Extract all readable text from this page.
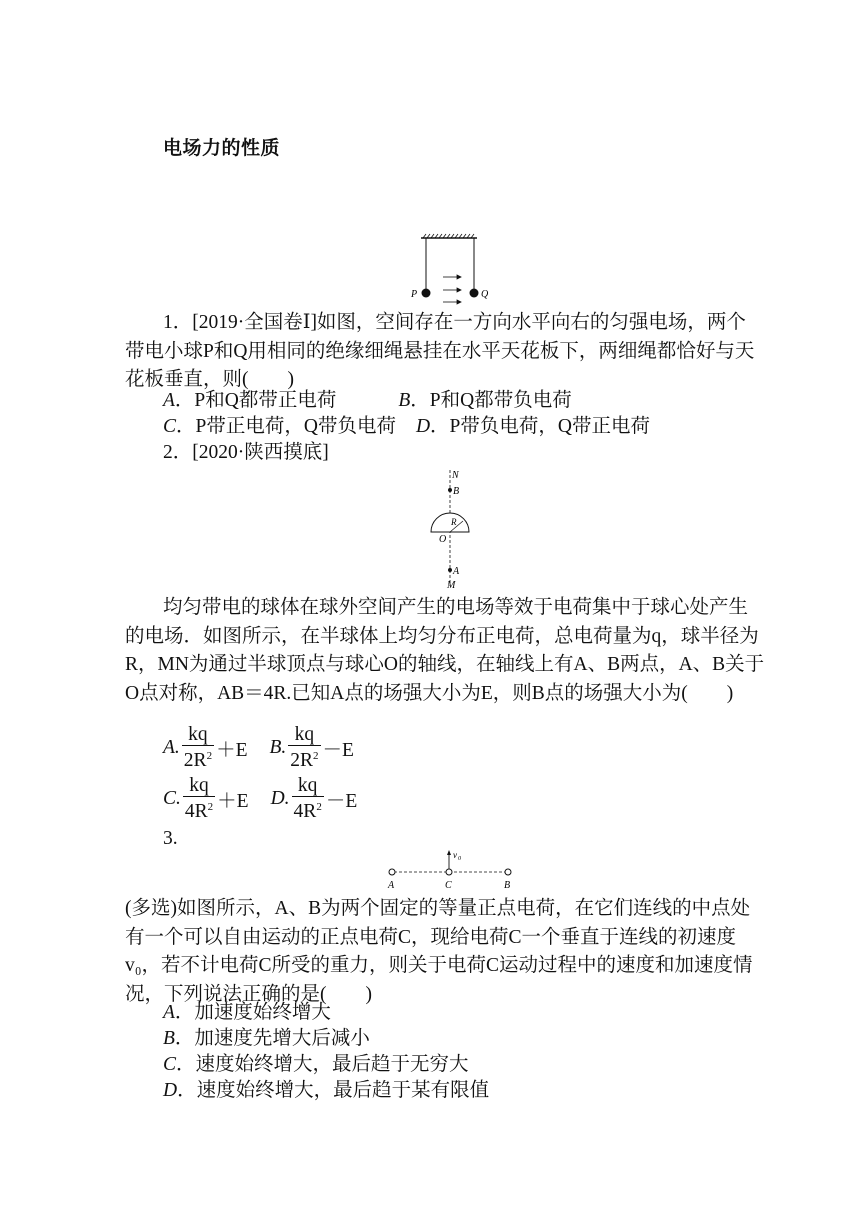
电场力的性质
P	Q
1．[2019·全国卷Ⅰ]如图，空间存在一方向水平向右的匀强电场，两个带电小球P和Q用相同的绝缘细绳悬挂在水平天花板下，两细绳都恰好与天花板垂直，则(　　)
A．P和Q都带正电荷	B．P和Q都带负电荷
C．P带正电荷，Q带负电荷 D．P带负电荷，Q带正电荷
2．[2020·陕西摸底]
N
B
R
O
A
M
均匀带电的球体在球外空间产生的电场等效于电荷集中于球心处产生的电场．如图所示，在半球体上均匀分布正电荷，总电荷量为q，球半径为R，MN为通过半球顶点与球心O的轴线，在轴线上有A、B两点，A、B关于O点对称，AB＝4R.已知A点的场强大小为E，则B点的场强大小为(　　)
A. $\frac{kq}{2R^2} +E$ B. $\frac{kq}{2R^2} -E$
C. $\frac{kq}{4R^2} +E$ D. $\frac{kq}{4R^2} -E$
3.
v 0
A	C	B
(多选)如图所示，A、B为两个固定的等量正点电荷，在它们连线的中点处有一个可以自由运动的正点电荷C，现给电荷C一个垂直于连线的初速度v₀，若不计电荷C所受的重力，则关于电荷C运动过程中的速度和加速度情况，下列说法正确的是(　　)
A．加速度始终增大
B．加速度先增大后减小
C．速度始终增大，最后趋于无穷大
D．速度始终增大，最后趋于某有限值
